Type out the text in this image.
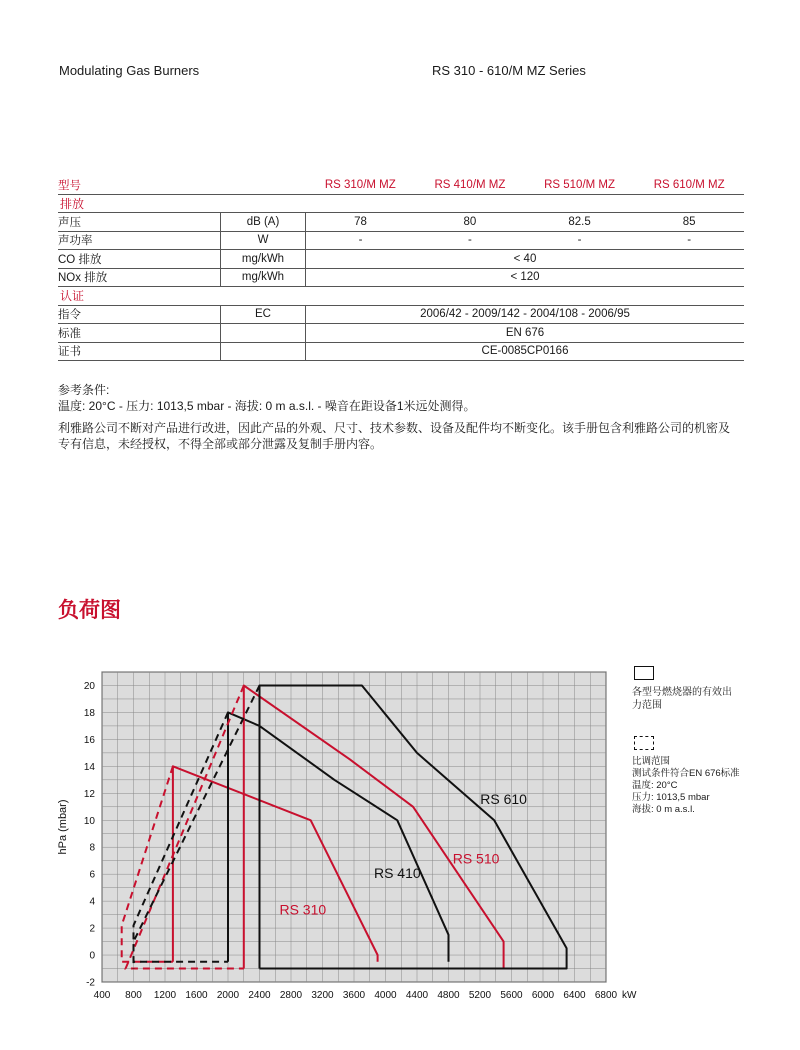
Modulating Gas Burners	RS 310 - 610/M MZ Series
型号		RS 310/M MZ	RS 410/M MZ	RS 510/M MZ	RS 610/M MZ
排放					
声压	dB (A)	78	80	82.5	85
声功率	W	-	-	-	-
CO 排放	mg/kWh	< 40			
NOx 排放	mg/kWh	< 120			
认证					
指令	EC	2006/42 - 2009/142 - 2004/108 - 2006/95			
标准		EN 676			
证书		CE-0085CP0166			
参考条件:
温度: 20°C - 压力: 1013,5 mbar - 海拔: 0 m a.s.l. - 噪音在距设备1米远处测得。
利雅路公司不断对产品进行改进，因此产品的外观、尺寸、技术参数、设备及配件均不断变化。该手册包含利雅路公司的机密及
专有信息，未经授权，不得全部或部分泄露及复制手册内容。
负荷图
400 800 1200 1600 2000 2400 2800 3200 3600 4000 4400 4800 5200 5600 6000 6400 6800
-2
0
2
4
6
8
10
12
14
16
18
20
kW
hPa (mbar)
RS 310
RS 410
RS 510
RS 610
各型号燃烧器的有效出
力范围
比调范围
测试条件符合EN 676标准
温度: 20°C
压力: 1013,5 mbar
海拔: 0 m a.s.l.
